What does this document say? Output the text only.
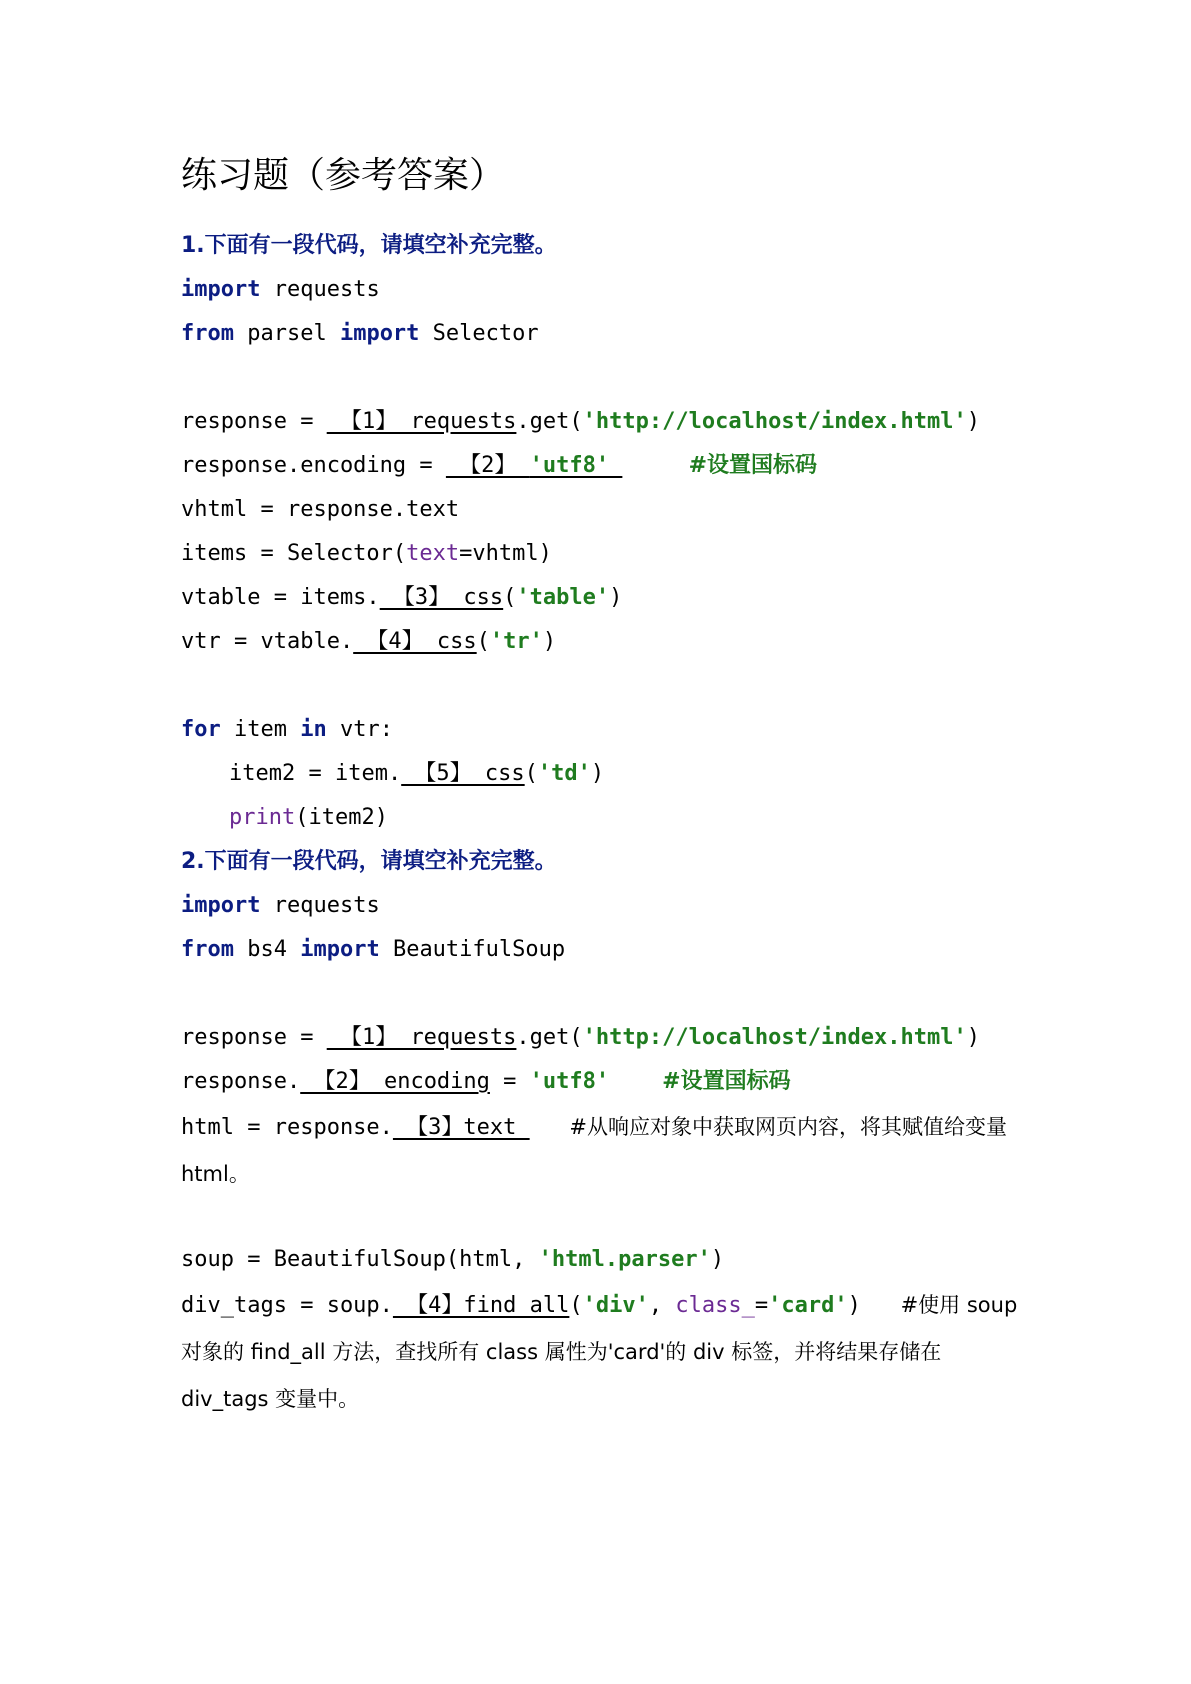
练习题（参考答案）
1.下面有一段代码，请填空补充完整。
import requests
from parsel import Selector
response =  【1】 requests.get('http://localhost/index.html')
response.encoding =  【2】 'utf8'	#设置国标码
vhtml = response.text
items = Selector(text=vhtml)
vtable = items. 【3】 css('table')
vtr = vtable. 【4】 css('tr')
for item in vtr:
item2 = item. 【5】 css('td')
print(item2)
2.下面有一段代码，请填空补充完整。
import requests
from bs4 import BeautifulSoup
response =  【1】 requests.get('http://localhost/index.html')
response. 【2】 encoding = 'utf8' #设置国标码
html = response. 【3】text    #从响应对象中获取网页内容，将其赋值给变量 html。
soup = BeautifulSoup(html, 'html.parser')
div_tags = soup. 【4】find_all('div', class_='card') #使用 soup 对象的 find_all 方法，查找所有 class 属性为'card'的 div 标签，并将结果存储在 div_tags 变量中。
